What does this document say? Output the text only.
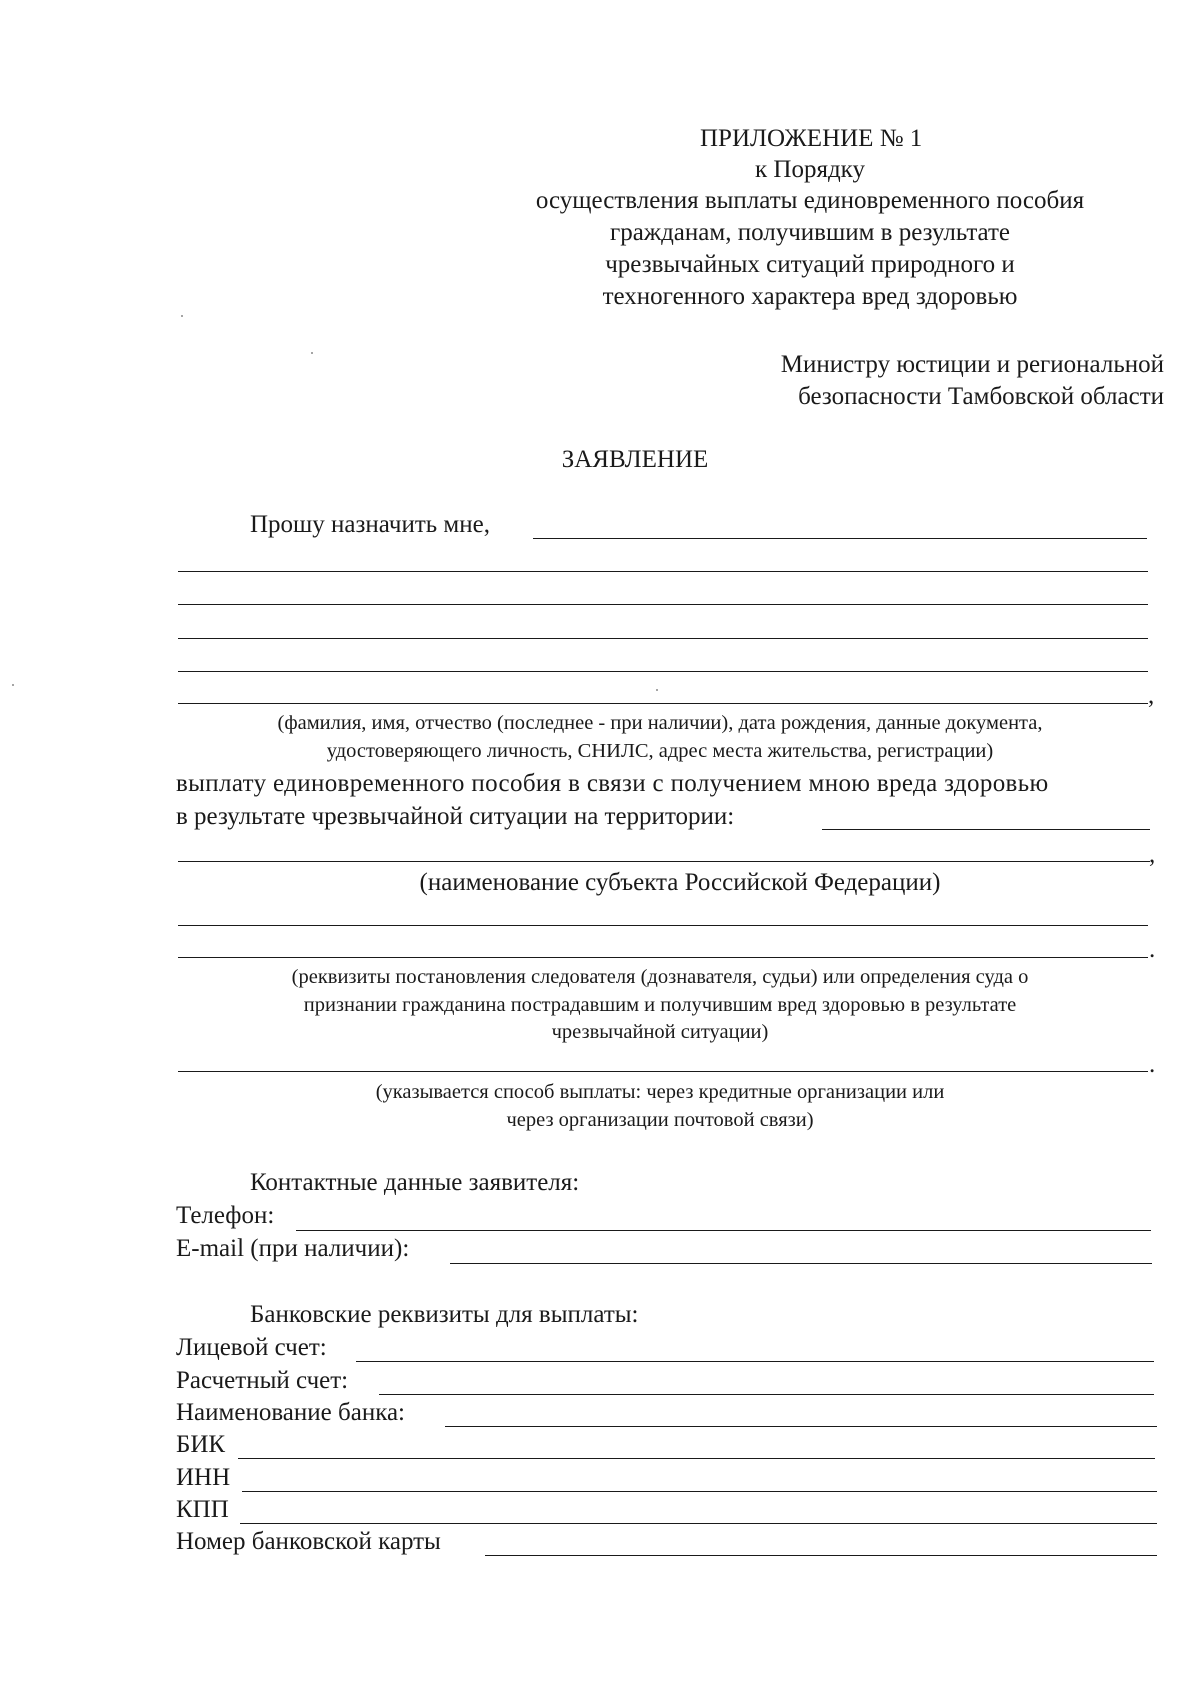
ПРИЛОЖЕНИЕ № 1
к Порядку
осуществления выплаты единовременного пособия
гражданам, получившим в результате
чрезвычайных ситуаций природного и
техногенного характера вред здоровью
Министру юстиции и региональной
безопасности Тамбовской области
ЗАЯВЛЕНИЕ
Прошу назначить мне,
,
(фамилия, имя, отчество (последнее - при наличии), дата рождения, данные документа,
удостоверяющего личность, СНИЛС, адрес места жительства, регистрации)
выплату единовременного пособия в связи с получением мною вреда здоровью
в результате чрезвычайной ситуации на территории:
,
(наименование субъекта Российской Федерации)
.
(реквизиты постановления следователя (дознавателя, судьи) или определения суда о
признании гражданина пострадавшим и получившим вред здоровью в результате
чрезвычайной ситуации)
.
(указывается способ выплаты: через кредитные организации или
через организации почтовой связи)
Контактные данные заявителя:
Телефон:
E-mail (при наличии):
Банковские реквизиты для выплаты:
Лицевой счет:
Расчетный счет:
Наименование банка:
БИК
ИНН
КПП
Номер банковской карты
